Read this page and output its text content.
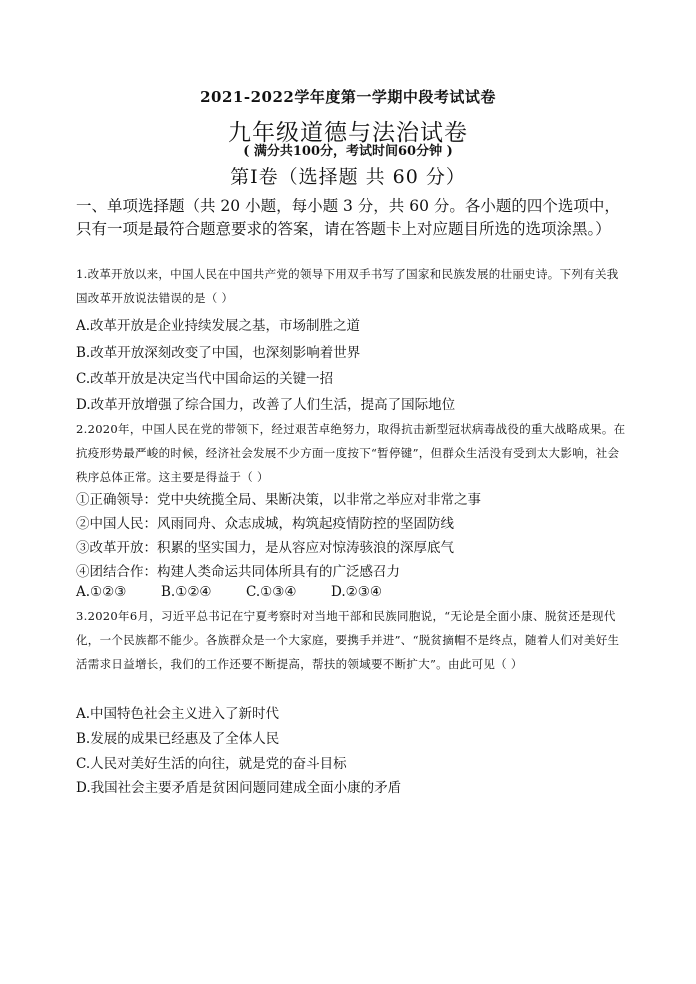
2021-2022学年度第一学期中段考试试卷
九年级道德与法治试卷
( 满分共100分，考试时间60分钟 )
第Ⅰ卷（选择题 共 60 分）
一、单项选择题（共 20 小题，每小题 3 分，共 60 分。各小题的四个选项中，只有一项是最符合题意要求的答案，请在答题卡上对应题目所选的选项涂黑。）
1.改革开放以来，中国人民在中国共产党的领导下用双手书写了国家和民族发展的壮丽史诗。下列有关我国改革开放说法错误的是（ ）
A.改革开放是企业持续发展之基，市场制胜之道
B.改革开放深刻改变了中国，也深刻影响着世界
C.改革开放是决定当代中国命运的关键一招
D.改革开放增强了综合国力，改善了人们生活，提高了国际地位
2.2020年，中国人民在党的带领下，经过艰苦卓绝努力，取得抗击新型冠状病毒战役的重大战略成果。在抗疫形势最严峻的时候，经济社会发展不少方面一度按下“暂停键”，但群众生活没有受到太大影响，社会秩序总体正常。这主要是得益于（ ）
①正确领导：党中央统揽全局、果断决策，以非常之举应对非常之事
②中国人民：风雨同舟、众志成城，构筑起疫情防控的坚固防线
③改革开放：积累的坚实国力，是从容应对惊涛骇浪的深厚底气
④团结合作：构建人类命运共同体所具有的广泛感召力
A.①②③	B.①②④	C.①③④	D.②③④
3.2020年6月，习近平总书记在宁夏考察时对当地干部和民族同胞说，“无论是全面小康、脱贫还是现代化，一个民族都不能少。各族群众是一个大家庭，要携手并进”、“脱贫摘帽不是终点，随着人们对美好生活需求日益增长，我们的工作还要不断提高，帮扶的领域要不断扩大”。由此可见（ ）
A.中国特色社会主义进入了新时代
B.发展的成果已经惠及了全体人民
C.人民对美好生活的向往，就是党的奋斗目标
D.我国社会主要矛盾是贫困问题同建成全面小康的矛盾
